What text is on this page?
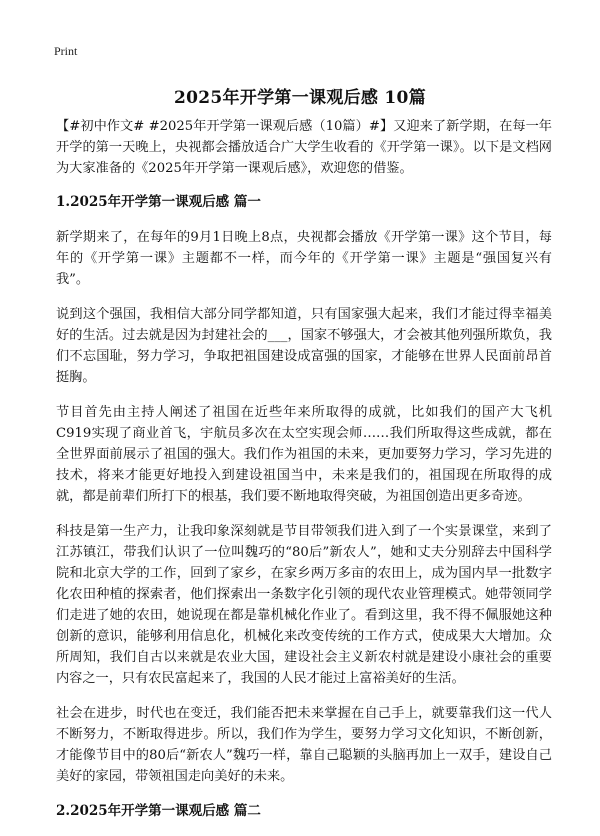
Print
2025年开学第一课观后感 10篇

【#初中作文# #2025年开学第一课观后感（10篇）#】又迎来了新学期，在每一年开学的第一天晚上，央视都会播放适合广大学生收看的《开学第一课》。以下是文档网为大家准备的《2025年开学第一课观后感》，欢迎您的借鉴。

1.2025年开学第一课观后感 篇一

新学期来了，在每年的9月1日晚上8点，央视都会播放《开学第一课》这个节目，每年的《开学第一课》主题都不一样，而今年的《开学第一课》主题是“强国复兴有我”。

说到这个强国，我相信大部分同学都知道，只有国家强大起来，我们才能过得幸福美好的生活。过去就是因为封建社会的___，国家不够强大，才会被其他列强所欺负，我们不忘国耻，努力学习，争取把祖国建设成富强的国家，才能够在世界人民面前昂首挺胸。

节目首先由主持人阐述了祖国在近些年来所取得的成就，比如我们的国产大飞机C919实现了商业首飞，宇航员多次在太空实现会师……我们所取得这些成就，都在全世界面前展示了祖国的强大。我们作为祖国的未来，更加要努力学习，学习先进的技术，将来才能更好地投入到建设祖国当中，未来是我们的，祖国现在所取得的成就，都是前辈们所打下的根基，我们要不断地取得突破，为祖国创造出更多奇迹。

科技是第一生产力，让我印象深刻就是节目带领我们进入到了一个实景课堂，来到了江苏镇江，带我们认识了一位叫魏巧的“80后”新农人”，她和丈夫分别辞去中国科学院和北京大学的工作，回到了家乡，在家乡两万多亩的农田上，成为国内早一批数字化农田种植的探索者，他们探索出一条数字化引领的现代农业管理模式。她带领同学们走进了她的农田，她说现在都是靠机械化作业了。看到这里，我不得不佩服她这种创新的意识，能够利用信息化，机械化来改变传统的工作方式，使成果大大增加。众所周知，我们自古以来就是农业大国，建设社会主义新农村就是建设小康社会的重要内容之一，只有农民富起来了，我国的人民才能过上富裕美好的生活。

社会在进步，时代也在变迁，我们能否把未来掌握在自己手上，就要靠我们这一代人不断努力，不断取得进步。所以，我们作为学生，要努力学习文化知识，不断创新，才能像节目中的80后“新农人”魏巧一样，靠自己聪颖的头脑再加上一双手，建设自己美好的家园，带领祖国走向美好的未来。

2.2025年开学第一课观后感 篇二
